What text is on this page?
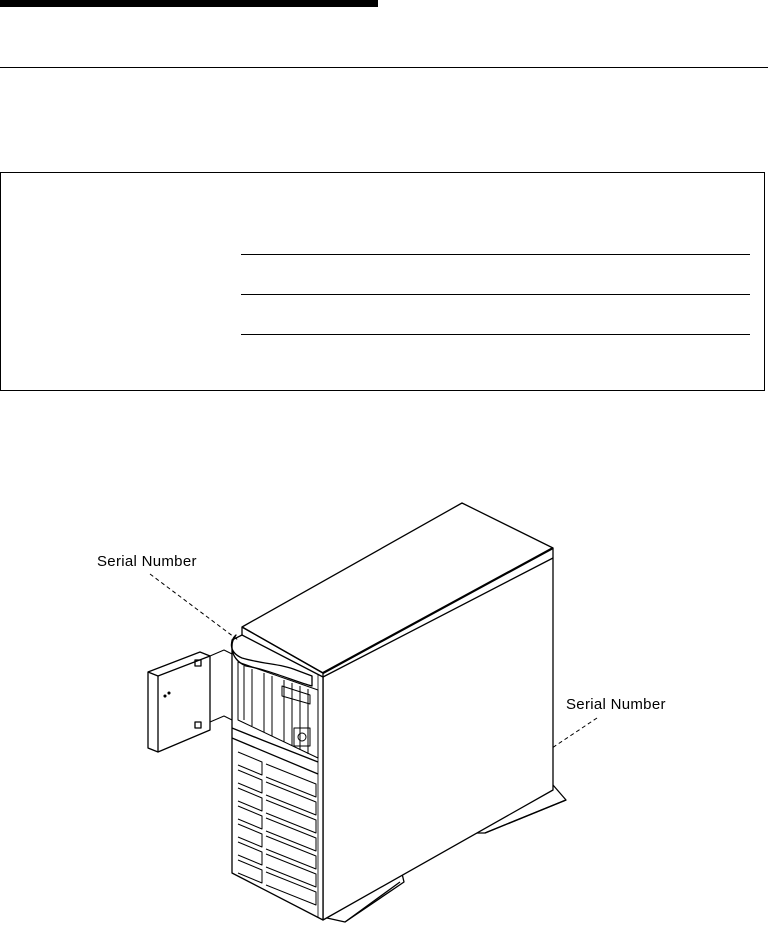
Serial Number
Serial Number
